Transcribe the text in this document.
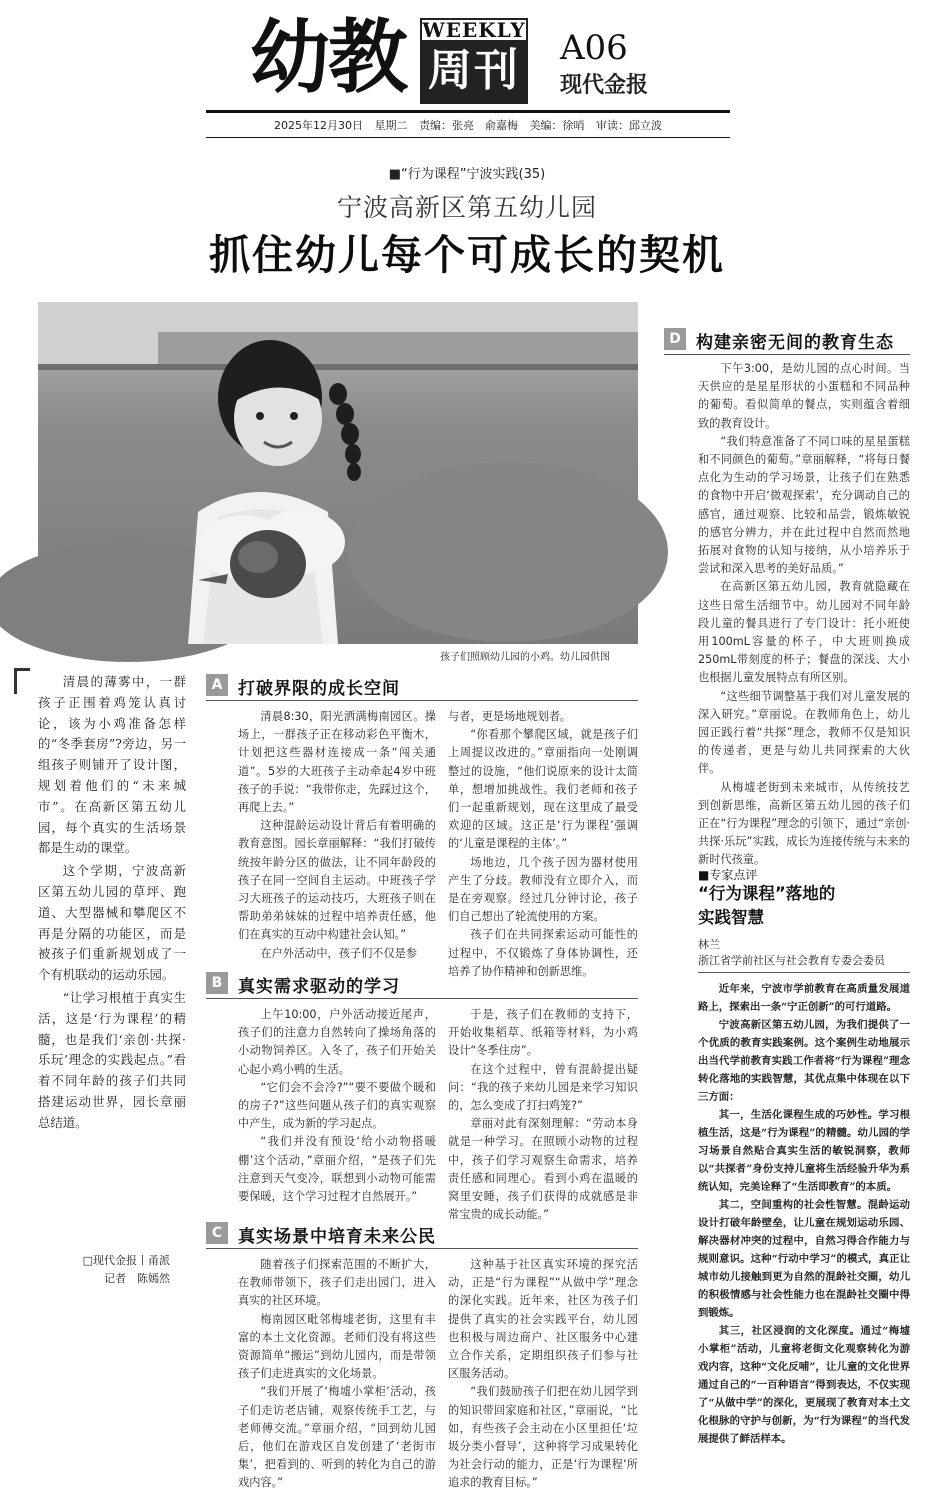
幼教 WEEKLY
周刊 A06
现代金报
2025年12月30日 星期二 责编：张亮　俞嘉梅 美编：徐哨 审读：邱立波
■“行为课程”宁波实践(35)
宁波高新区第五幼儿园
抓住幼儿每个可成长的契机
孩子们照顾幼儿园的小鸡。幼儿园供图

清晨的薄雾中，一群孩子正围着鸡笼认真讨论，该为小鸡准备怎样的“冬季套房”?旁边，另一组孩子则铺开了设计图，规划着他们的“未来城市”。在高新区第五幼儿园，每个真实的生活场景都是生动的课堂。

这个学期，宁波高新区第五幼儿园的草坪、跑道、大型器械和攀爬区不再是分隔的功能区，而是被孩子们重新规划成了一个有机联动的运动乐园。

“让学习根植于真实生活，这是‘行为课程’的精髓，也是我们‘亲创·共探·乐玩’理念的实践起点。”看着不同年龄的孩子们共同搭建运动世界，园长章丽总结道。

□现代金报丨甬派
记者　陈嫣然
A 打破界限的成长空间

清晨8:30，阳光洒满梅南园区。操场上，一群孩子正在移动彩色平衡木，计划把这些器材连接成一条“闯关通道”。5岁的大班孩子主动牵起4岁中班孩子的手说：“我带你走，先踩过这个，再爬上去。”

这种混龄运动设计背后有着明确的教育意图。园长章丽解释：“我们打破传统按年龄分区的做法，让不同年龄段的孩子在同一空间自主运动。中班孩子学习大班孩子的运动技巧，大班孩子则在帮助弟弟妹妹的过程中培养责任感，他们在真实的互动中构建社会认知。”

在户外活动中，孩子们不仅是参

与者，更是场地规划者。

“你看那个攀爬区域，就是孩子们上周提议改进的。”章丽指向一处刚调整过的设施，“他们说原来的设计太简单，想增加挑战性。我们老师和孩子们一起重新规划，现在这里成了最受欢迎的区域。这正是‘行为课程’强调的‘儿童是课程的主体’。”

场地边，几个孩子因为器材使用产生了分歧。教师没有立即介入，而是在旁观察。经过几分钟讨论，孩子们自己想出了轮流使用的方案。

孩子们在共同探索运动可能性的过程中，不仅锻炼了身体协调性，还培养了协作精神和创新思维。

B 真实需求驱动的学习

上午10:00，户外活动接近尾声，孩子们的注意力自然转向了操场角落的小动物饲养区。入冬了，孩子们开始关心起小鸡小鸭的生活。

“它们会不会冷?”“要不要做个暖和的房子?”这些问题从孩子们的真实观察中产生，成为新的学习起点。

“我们并没有预设‘给小动物搭暖棚’这个活动，”章丽介绍，“是孩子们先注意到天气变冷，联想到小动物可能需要保暖，这个学习过程才自然展开。”

于是，孩子们在教师的支持下，开始收集稻草、纸箱等材料，为小鸡设计“冬季住房”。

在这个过程中，曾有混龄提出疑问：“我的孩子来幼儿园是来学习知识的，怎么变成了打扫鸡笼?”

章丽对此有深刻理解：“劳动本身就是一种学习。在照顾小动物的过程中，孩子们学习观察生命需求，培养责任感和同理心。看到小鸡在温暖的窝里安睡，孩子们获得的成就感是非常宝贵的成长动能。”

C 真实场景中培育未来公民

随着孩子们探索范围的不断扩大，在教师带领下，孩子们走出园门，进入真实的社区环境。

梅南园区毗邻梅墟老街，这里有丰富的本土文化资源。老师们没有将这些资源简单“搬运”到幼儿园内，而是带领孩子们走进真实的文化场景。

“我们开展了‘梅墟小掌柜’活动，孩子们走访老店铺，观察传统手工艺，与老师傅交流。”章丽介绍，“回到幼儿园后，他们在游戏区自发创建了‘老街市集’，把看到的、听到的转化为自己的游戏内容。”

这种基于社区真实环境的探究活动，正是“行为课程”“从做中学”理念的深化实践。近年来，社区为孩子们提供了真实的社会实践平台，幼儿园也积极与周边商户、社区服务中心建立合作关系，定期组织孩子们参与社区服务活动。

“我们鼓励孩子们把在幼儿园学到的知识带回家庭和社区，”章丽说，“比如，有些孩子会主动在小区里担任‘垃圾分类小督导’，这种将学习成果转化为社会行动的能力，正是‘行为课程’所追求的教育目标。”

D 构建亲密无间的教育生态

下午3:00，是幼儿园的点心时间。当天供应的是星星形状的小蛋糕和不同品种的葡萄。看似简单的餐点，实则蕴含着细致的教育设计。

“我们特意准备了不同口味的星星蛋糕和不同颜色的葡萄。”章丽解释，“将每日餐点化为生动的学习场景，让孩子们在熟悉的食物中开启‘微观探索’，充分调动自己的感官，通过观察、比较和品尝，锻炼敏锐的感官分辨力，并在此过程中自然而然地拓展对食物的认知与接纳，从小培养乐于尝试和深入思考的美好品质。”

在高新区第五幼儿园，教育就隐藏在这些日常生活细节中。幼儿园对不同年龄段儿童的餐具进行了专门设计：托小班使用100mL容量的杯子，中大班则换成250mL带刻度的杯子；餐盘的深浅、大小也根据儿童发展特点有所区别。

“这些细节调整基于我们对儿童发展的深入研究。”章丽说。在教师角色上，幼儿园正践行着“共探”理念，教师不仅是知识的传递者，更是与幼儿共同探索的大伙伴。

从梅墟老街到未来城市，从传统技艺到创新思维，高新区第五幼儿园的孩子们正在“行为课程”理念的引领下，通过“亲创·共探·乐玩”实践，成长为连接传统与未来的新时代孩童。

■专家点评
“行为课程”落地的
实践智慧
林兰
浙江省学前社区与社会教育专委会委员

近年来，宁波市学前教育在高质量发展道路上，探索出一条“宁正创新”的可行道路。

宁波高新区第五幼儿园，为我们提供了一个优质的教育实践案例。这个案例生动地展示出当代学前教育实践工作者将“行为课程”理念转化落地的实践智慧，其优点集中体现在以下三方面：

其一，生活化课程生成的巧妙性。学习根植生活，这是“行为课程”的精髓。幼儿园的学习场景自然贴合真实生活的敏锐洞察，教师以“共探者”身份支持儿童将生活经验升华为系统认知，完美诠释了“生活即教育”的本质。

其二，空间重构的社会性智慧。混龄运动设计打破年龄壁垒，让儿童在规划运动乐园、解决器材冲突的过程中，自然习得合作能力与规则意识。这种“行动中学习”的模式，真正让城市幼儿接触到更为自然的混龄社交圈，幼儿的积极情感与社会性能力也在混龄社交圈中得到锻炼。

其三，社区浸润的文化深度。通过“梅墟小掌柜”活动，儿童将老街文化观察转化为游戏内容，这种“文化反哺”，让儿童的文化世界通过自己的“一百种语言”得到表达，不仅实现了“从做中学”的深化，更展现了教育对本土文化根脉的守护与创新，为“行为课程”的当代发展提供了鲜活样本。
